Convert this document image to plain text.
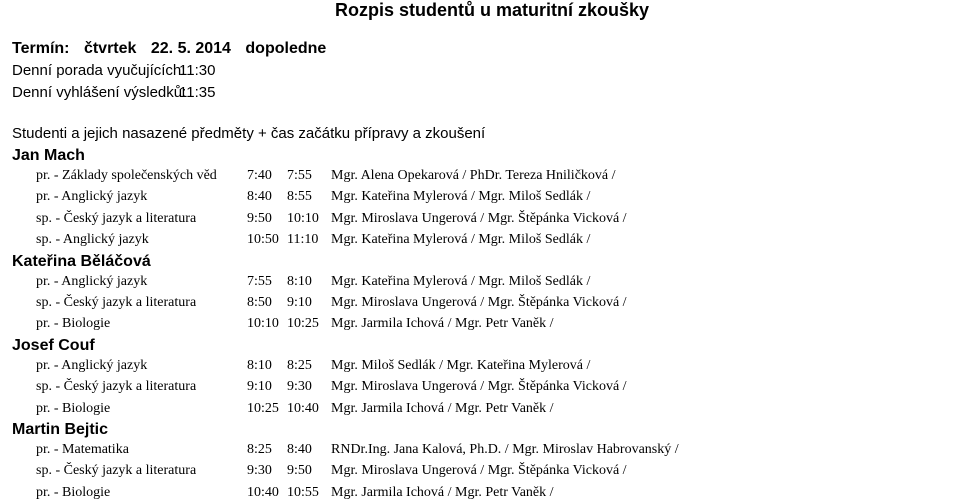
Rozpis studentů u maturitní zkoušky
Termín: čtvrtek 22. 5. 2014 dopoledne
Denní porada vyučujících:
11:30
Denní vyhlášení výsledků:
11:35
Studenti a jejich nasazené předměty + čas začátku přípravy a zkoušení
Jan Mach
pr. - Základy společenských věd 7:40 7:55 Mgr. Alena Opekarová / PhDr. Tereza Hniličková /
pr. - Anglický jazyk	8:40 8:55 Mgr. Kateřina Mylerová / Mgr. Miloš Sedlák /
sp. - Český jazyk a literatura	9:50 10:10 Mgr. Miroslava Ungerová / Mgr. Štěpánka Vicková /
sp. - Anglický jazyk	10:50 11:10 Mgr. Kateřina Mylerová / Mgr. Miloš Sedlák /
Kateřina Běláčová
pr. - Anglický jazyk	7:55 8:10 Mgr. Kateřina Mylerová / Mgr. Miloš Sedlák /
sp. - Český jazyk a literatura	8:50 9:10 Mgr. Miroslava Ungerová / Mgr. Štěpánka Vicková /
pr. - Biologie	10:10 10:25 Mgr. Jarmila Ichová / Mgr. Petr Vaněk /
Josef Couf
pr. - Anglický jazyk	8:10 8:25 Mgr. Miloš Sedlák / Mgr. Kateřina Mylerová /
sp. - Český jazyk a literatura	9:10 9:30 Mgr. Miroslava Ungerová / Mgr. Štěpánka Vicková /
pr. - Biologie	10:25 10:40 Mgr. Jarmila Ichová / Mgr. Petr Vaněk /
Martin Bejtic
pr. - Matematika	8:25 8:40 RNDr.Ing. Jana Kalová, Ph.D. / Mgr. Miroslav Habrovanský /
sp. - Český jazyk a literatura	9:30 9:50 Mgr. Miroslava Ungerová / Mgr. Štěpánka Vicková /
pr. - Biologie	10:40 10:55 Mgr. Jarmila Ichová / Mgr. Petr Vaněk /
